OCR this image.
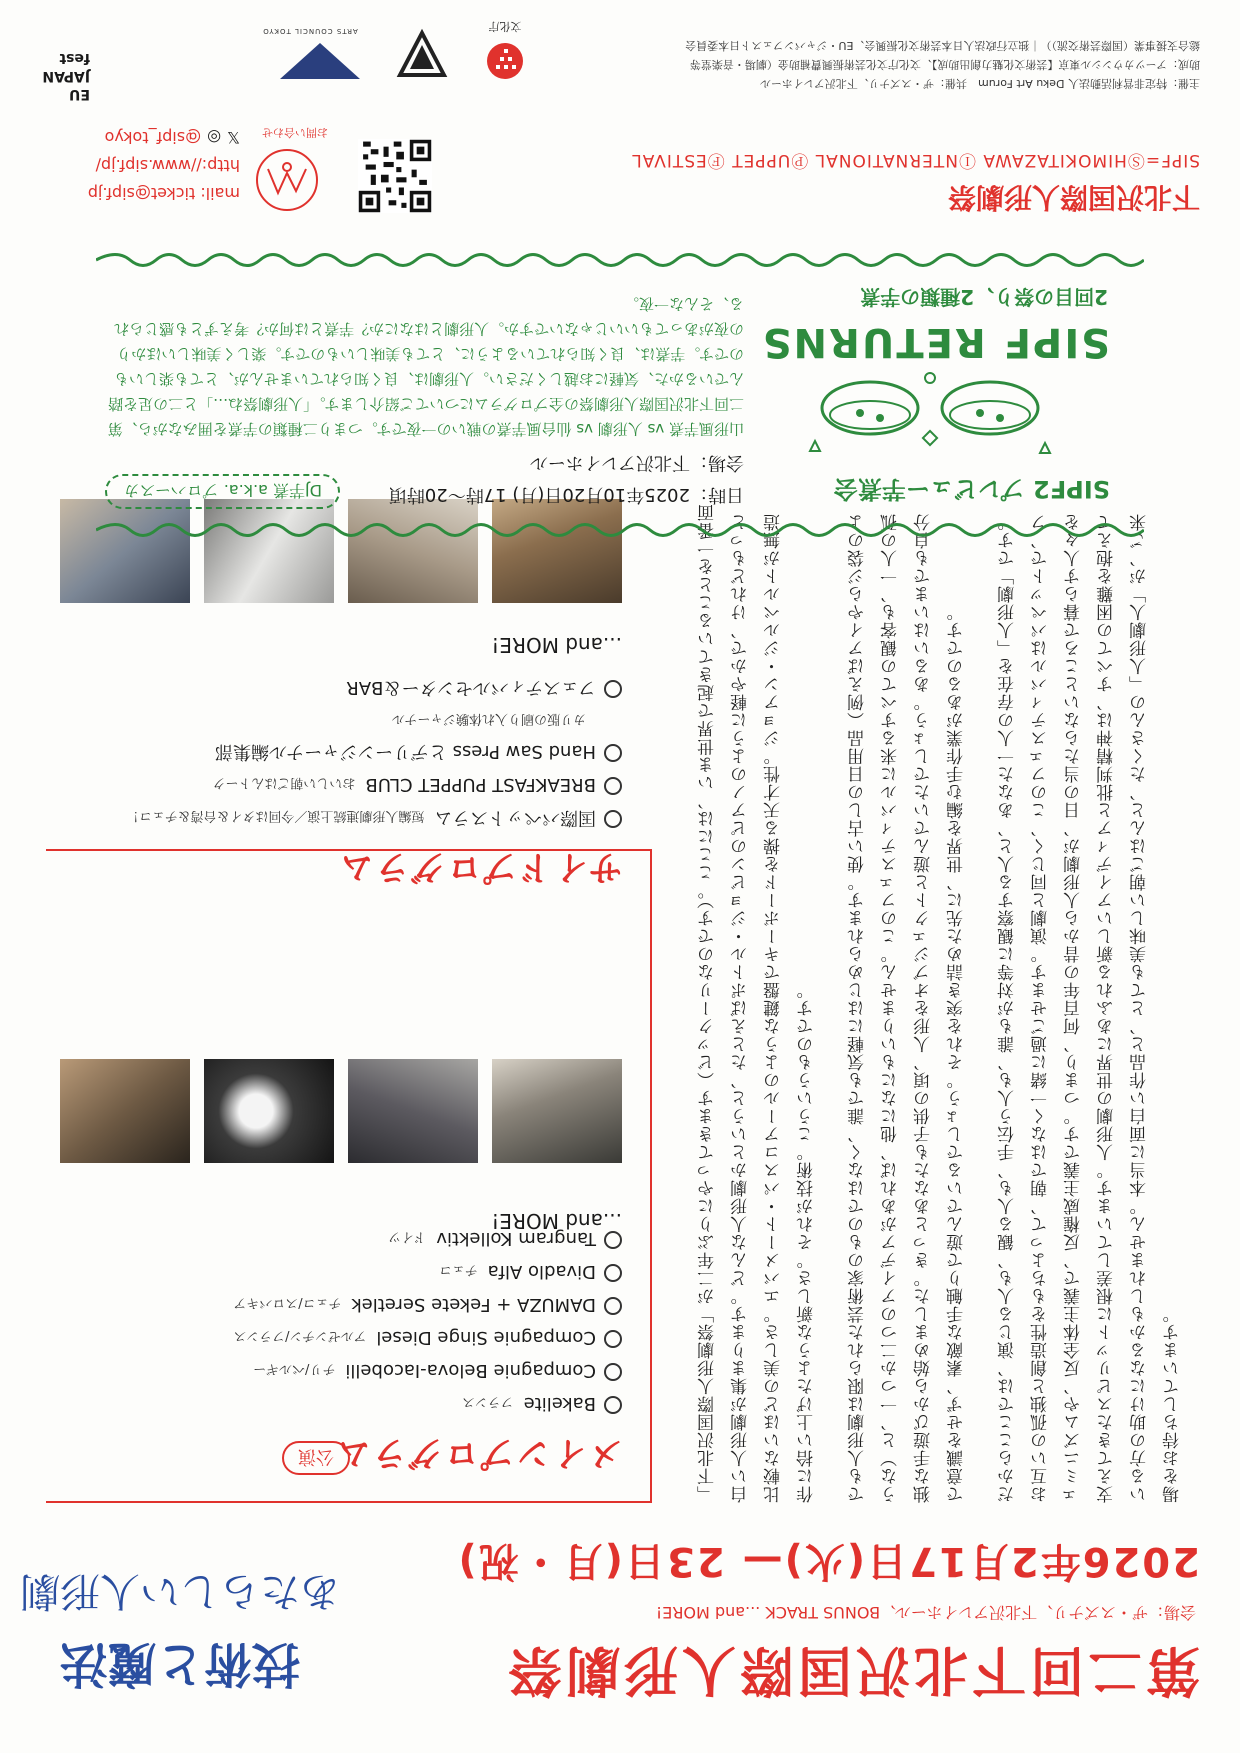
第二回下北沢国際人形劇祭
会場：ザ・スズナリ、下北沢アレイホール、BONUS TRACK ...and MORE!
2026年2月17日(火)— 23日(月・祝)
技術と魔法
あたらしい人形劇
メインプログラム
公演
Bakeliteフランス
Compagnie Belova-Iacobelliチリ/ベルギー
Compagnie Singe Dieselアルゼンチン/フランス
DAMUZA + Fekete Seretlekチェコ/スロバキア
Divadlo Alfaチェコ
Tangram Kollektivドイツ
...and MORE!
サイドプログラム
国際パペットスラム短編人形劇連続上演／今回はタイ＆台湾＆チェコ！
BREAKFAST PUPPET CLUBおいしい朝ごはんトーク
Hand Saw Press とデリーンジャーナル編集部
カリ版の刷り入れ体験ジャーナル
フェスティバルセンター＆BAR
...and MORE!	「下北沢国際人形劇祭」が二年ぶりにやってきます（ビックーリなのです）。ここには、いま世界で起きていることを一番面白い人形劇が集まります。どんな人形劇かというと、たとえばポトル・ジョビンのピアノのように軽やかで、けれどもっと比較ないほどの美しさ。エバメート・パスコアールのような鍵盤でキーボードを操る天才性。ジョアン・ジルベルトが無造作に拾い上げたような新しさ。それが技術。こういうものです。	でも人形劇は限られた芸術家のものではなく、誰でも気軽にはじめられます。使い古しの日用品（例えばアイやらジ袋のような）と、一つか二つのアイデアがあれば、他になにもいりません。このフェスティバルに来るすべての観客も、一人の孤独な手遊びから始めました。きっとあなたも子供の頃、人形をオブジェクトと遊んでいたでしょう。あるいはいまでも自分で意識をせず、素敵な手触りで遊んでいるでしょう。それを突き詰めた先に、世界を編む手作業があるのです。	だからここでは、演じる人も、観る人も、手伝う人も、誰もが対等に観察する人と、あなた一人の存在を「人形劇」です。お互いの孤独と創造性をもちよって、朝ではなく一緒に過ごせます。演劇と同じく、このフェスティバルはパペットで、フェミニズムや、反全体主義で、反権威主義です。つまり、何百年の昔から人形劇が、日の当たらないところで暮らす人々を支えてきたスピリットに根差しています。人形劇の世界にあふれる新しいアイディアと批判精神は、すべての困難を抱えている方の助けになるかもしれません。本当に面白い作品と、とても美味しい朝ごはんと、たくさんの「人形劇人」が、ご来場をお待ちしています。

SIPF2 プレビュー芋煮会
日時：2025年10月20日(月) 17時〜20時頃
会場：下北沢アレイホール
DJ芋煮 a.k.a. プロハースカ
山形風芋煮 vs 人形劇 vs 仙台風芋煮の戦いの一夜です。つまり二種類の芋煮を囲みながら、第二回下北沢国際人形劇祭の全プログラムについてご紹介します。「人形劇祭ね…」と二の足を踏んでいるかた、気軽にお越しください。人形劇は、良く知られていませんが、とても楽しいものです。芋煮は、良く知られているように、とても美味しいものです。楽しく美味しいほかりの夜があってもいいじゃないですか。人形劇とはなにか？芋煮とは何か？考えずとも感じられる、そんな一夜。
SIPF RETURNS
2回目の祭り、2種類の芋煮
下北沢国際人形劇祭
SIPF=ⓈHIMOKITAZAWA ⒾNTERNATIONAL ⓅUPPET ⒻESTIVAL
お問い合わせ
mail: ticket@sipf.jp
http://www.sipf.jp/
𝕏◎@sipf_tokyo
主催：特定非営利活動法人 Deku Art Forum　共催：ザ・スズナリ、下北沢アレイホール
助成：アーツカウンシル東京【芸術文化魅力創出助成】、文化庁文化芸術振興費補助金（劇場・音楽堂等
総合支援事業（国際芸術交流））｜独立行政法人日本芸術文化振興会、EU・ジャパンフェスト日本委員会
ARTS COUNCIL TOKYO	文化庁
EU
JAPAN
fest
